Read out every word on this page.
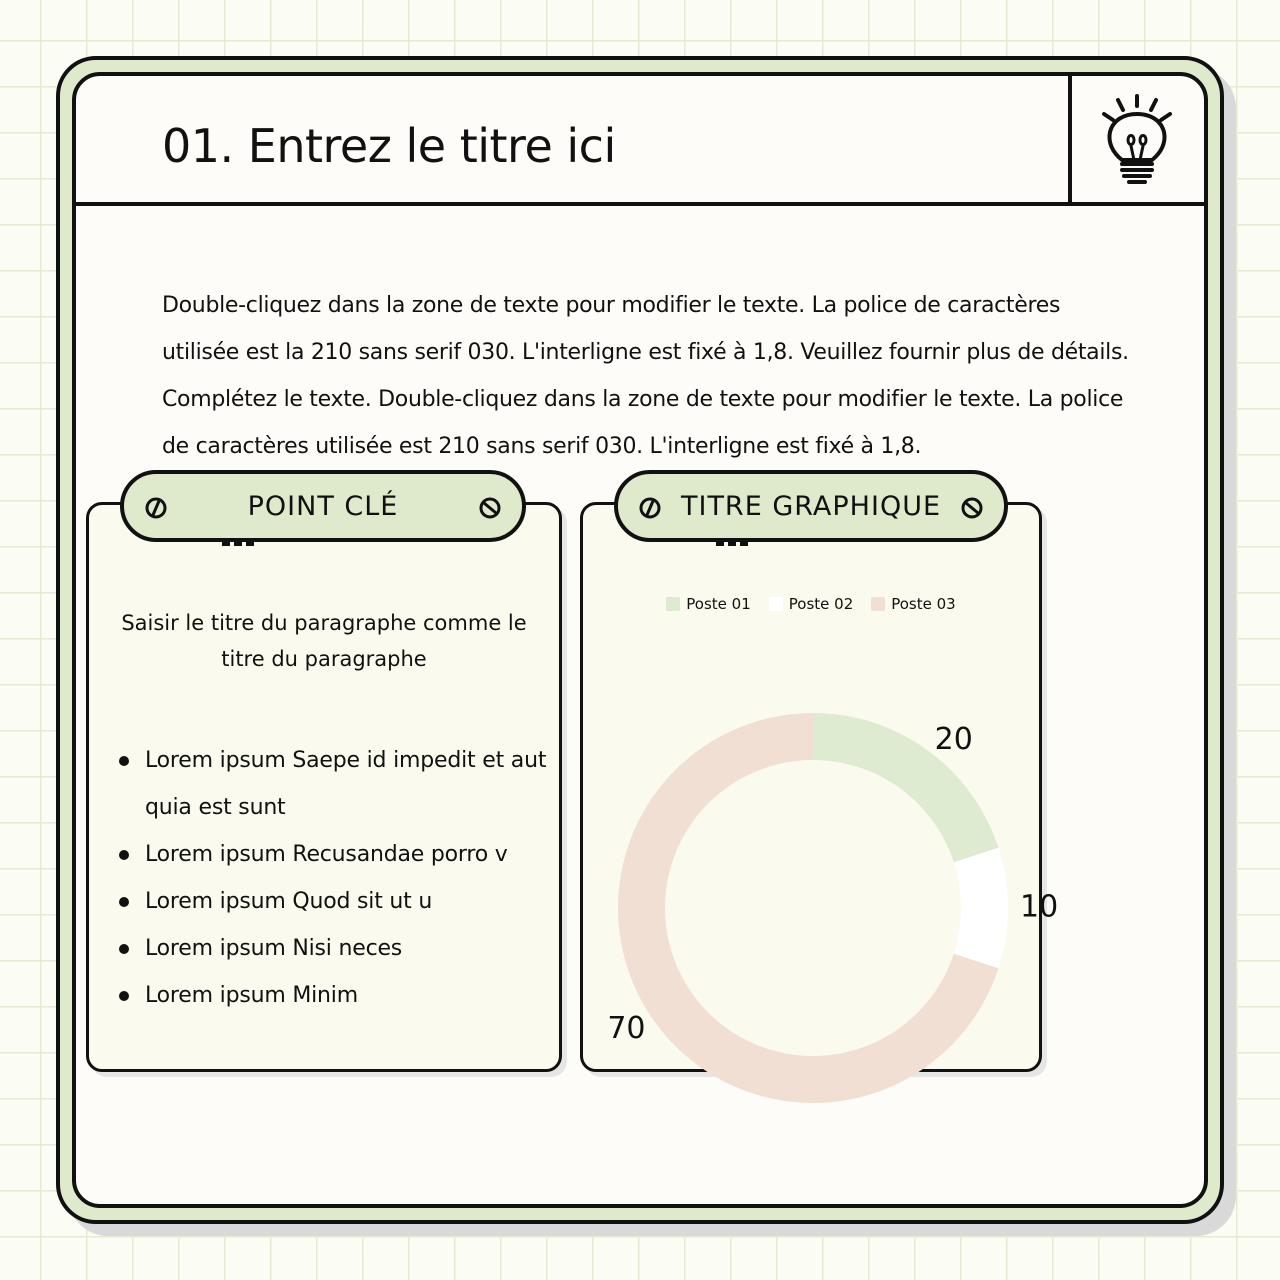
01. Entrez le titre ici
Double-cliquez dans la zone de texte pour modifier le texte. La police de caractères utilisée est la 210 sans serif 030. L'interligne est fixé à 1,8. Veuillez fournir plus de détails. Complétez le texte. Double-cliquez dans la zone de texte pour modifier le texte. La police de caractères utilisée est 210 sans serif 030. L'interligne est fixé à 1,8.
Saisir le titre du paragraphe comme le titre du paragraphe
Lorem ipsum Saepe id impedit et aut quia est sunt
Lorem ipsum Recusandae porro v
Lorem ipsum Quod sit ut u
Lorem ipsum Nisi neces
Lorem ipsum Minim
POINT CLÉ
Poste 01	Poste 02	Poste 03
20
10
70
TITRE GRAPHIQUE
